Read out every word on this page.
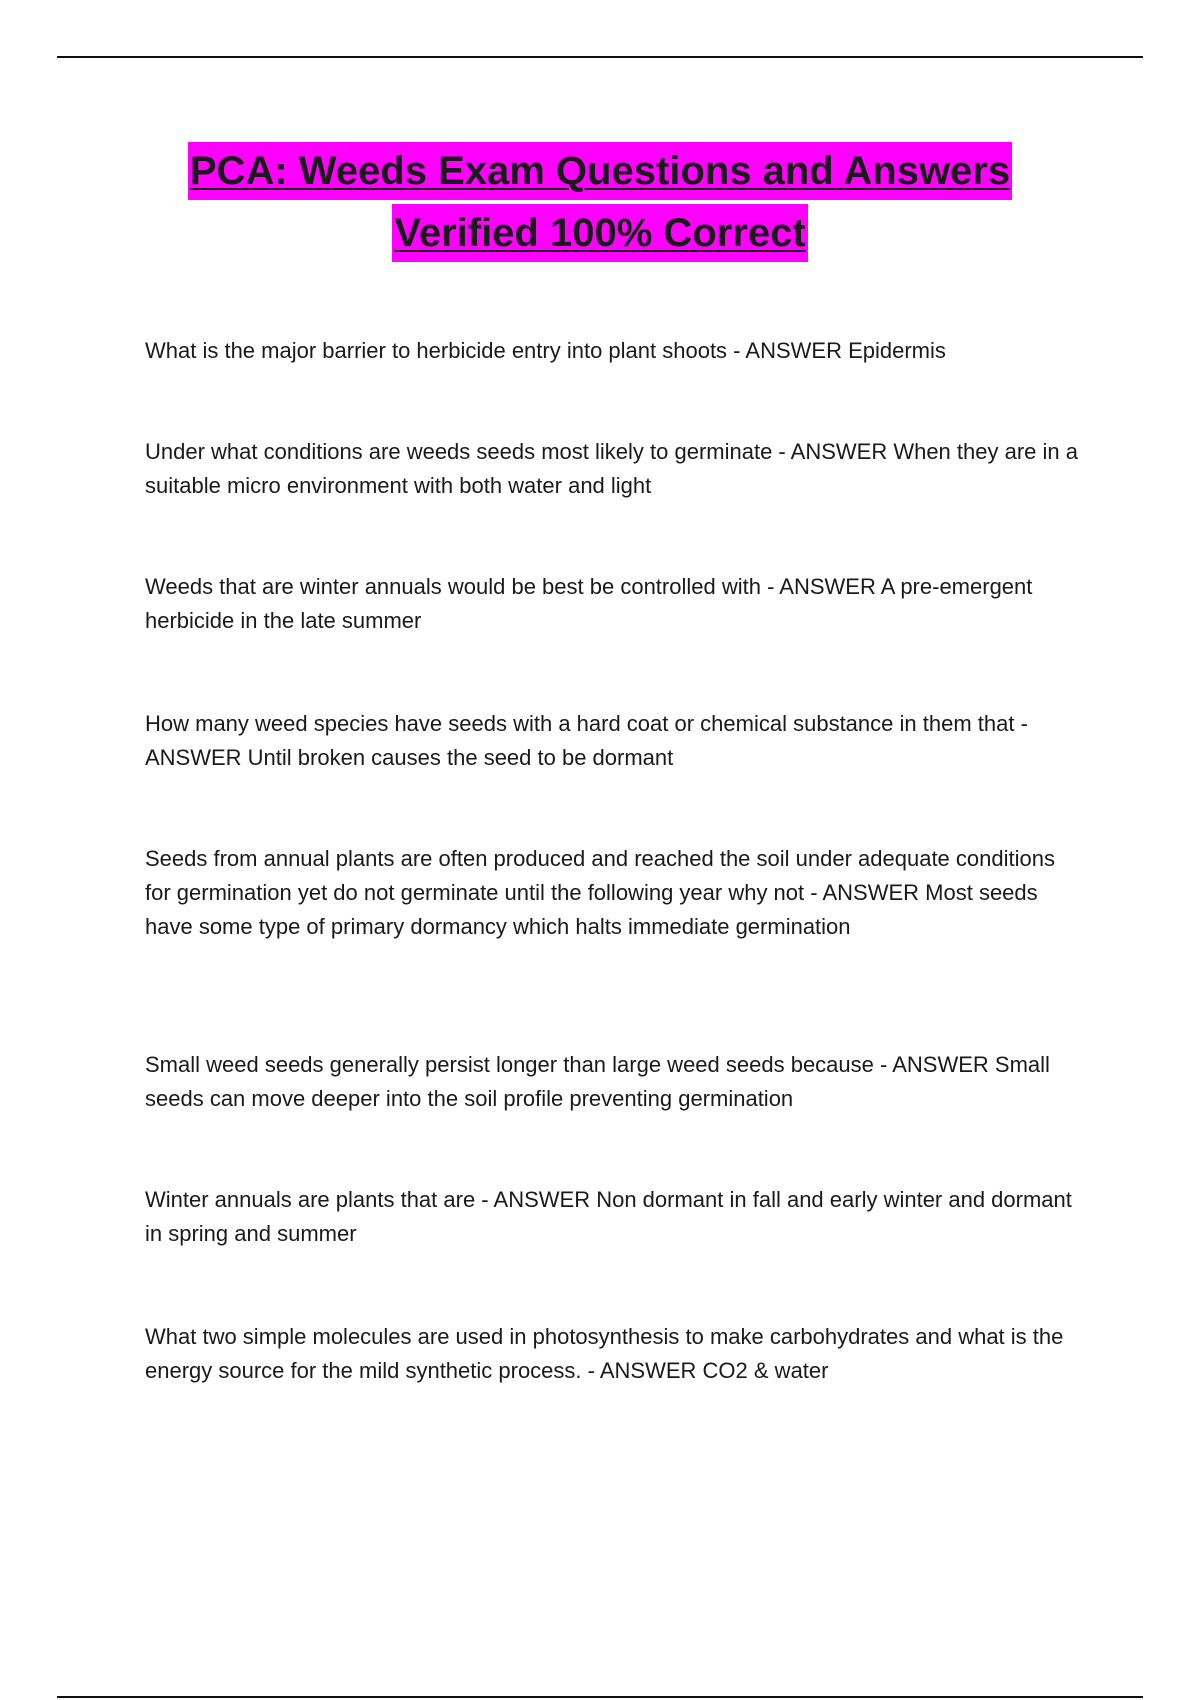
PCA: Weeds Exam Questions and Answers
Verified 100% Correct
What is the major barrier to herbicide entry into plant shoots - ANSWER Epidermis
Under what conditions are weeds seeds most likely to germinate - ANSWER When they are in a suitable micro environment with both water and light
Weeds that are winter annuals would be best be controlled with - ANSWER A pre-emergent herbicide in the late summer
How many weed species have seeds with a hard coat or chemical substance in them that - ANSWER Until broken causes the seed to be dormant
Seeds from annual plants are often produced and reached the soil under adequate conditions for germination yet do not germinate until the following year why not - ANSWER Most seeds have some type of primary dormancy which halts immediate germination
Small weed seeds generally persist longer than large weed seeds because - ANSWER Small seeds can move deeper into the soil profile preventing germination
Winter annuals are plants that are - ANSWER Non dormant in fall and early winter and dormant in spring and summer
What two simple molecules are used in photosynthesis to make carbohydrates and what is the energy source for the mild synthetic process. - ANSWER CO2 & water
